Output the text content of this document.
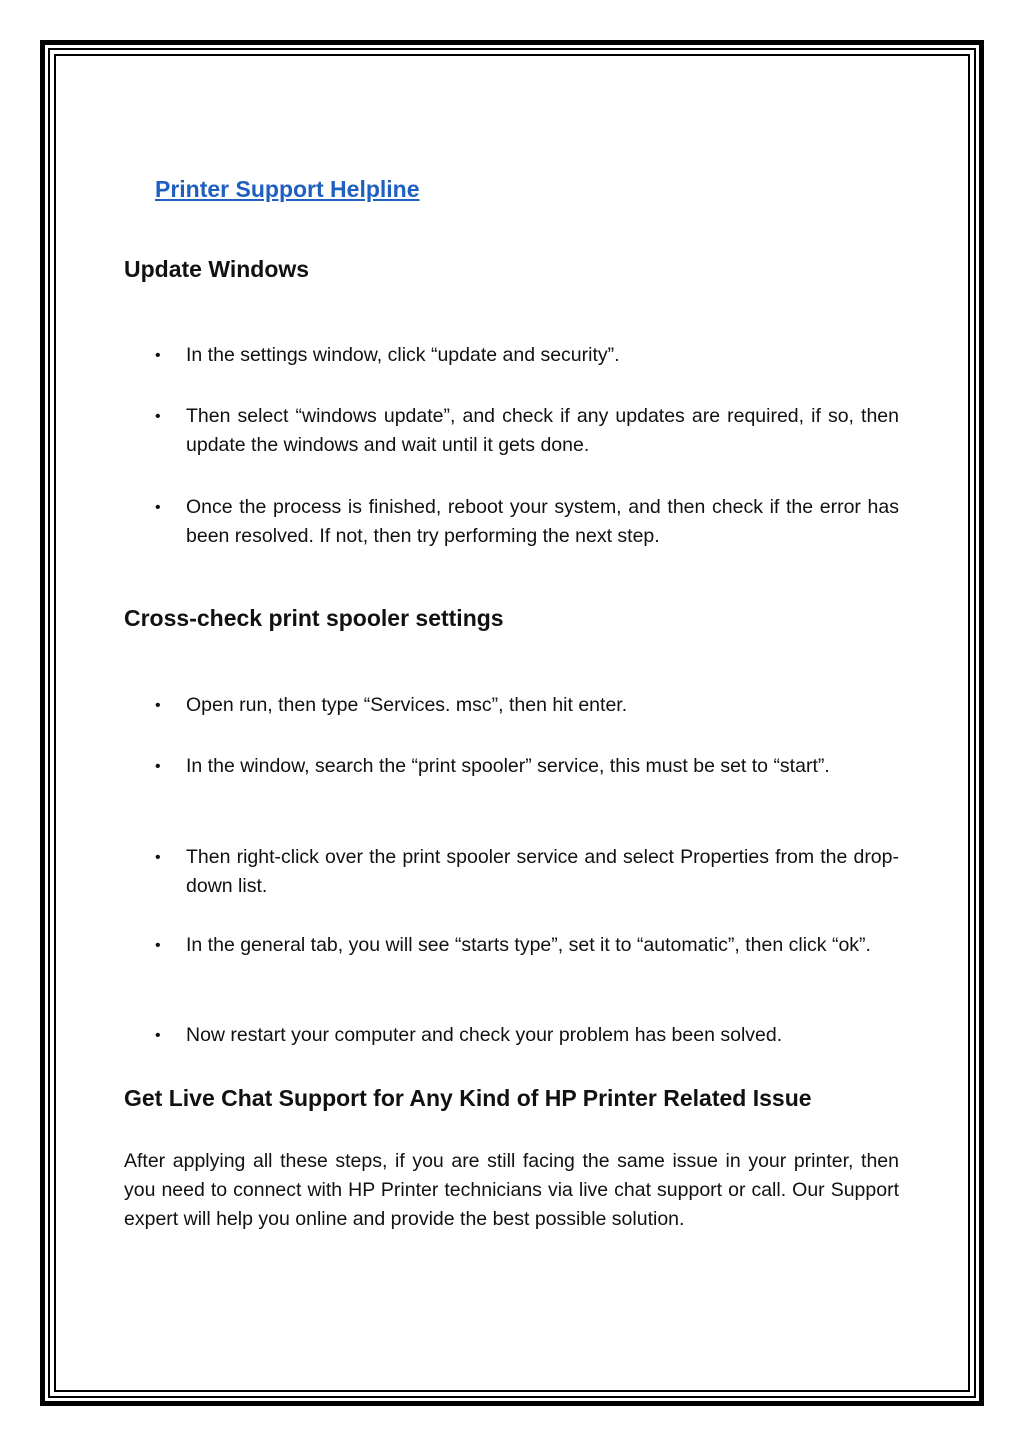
Printer Support Helpline
Update Windows
• In the settings window, click “update and security”.
• Then select “windows update”, and check if any updates are required, if so, then update the windows and wait until it gets done.
• Once the process is finished, reboot your system, and then check if the error has been resolved. If not, then try performing the next step.
Cross-check print spooler settings
• Open run, then type “Services. msc”, then hit enter.
• In the window, search the “print spooler” service, this must be set to “start”.
• Then right-click over the print spooler service and select Properties from the drop-down list.
• In the general tab, you will see “starts type”, set it to “automatic”, then click “ok”.
• Now restart your computer and check your problem has been solved.
Get Live Chat Support for Any Kind of HP Printer Related Issue
After applying all these steps, if you are still facing the same issue in your printer, then you need to connect with HP Printer technicians via live chat support or call. Our Support expert will help you online and provide the best possible solution.
